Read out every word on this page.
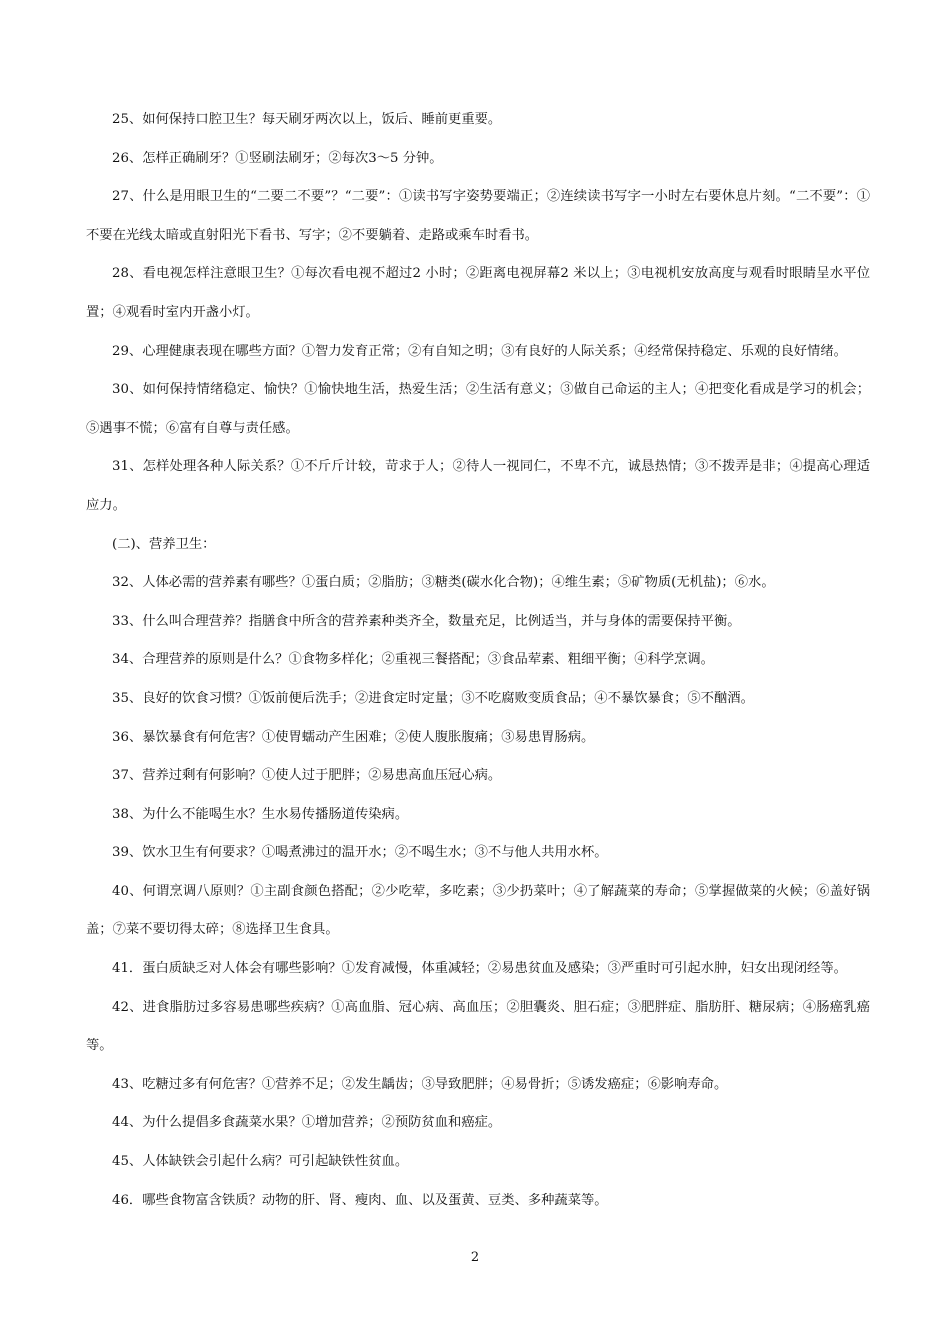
25、如何保持口腔卫生？每天刷牙两次以上，饭后、睡前更重要。

26、怎样正确刷牙？①竖刷法刷牙；②每次3～5 分钟。

27、什么是用眼卫生的“二要二不要”？“二要”：①读书写字姿势要端正；②连续读书写字一小时左右要休息片刻。“二不要”：①不要在光线太暗或直射阳光下看书、写字；②不要躺着、走路或乘车时看书。

28、看电视怎样注意眼卫生？①每次看电视不超过2 小时；②距离电视屏幕2 米以上；③电视机安放高度与观看时眼睛呈水平位置；④观看时室内开盏小灯。

29、心理健康表现在哪些方面？①智力发育正常；②有自知之明；③有良好的人际关系；④经常保持稳定、乐观的良好情绪。

30、如何保持情绪稳定、愉快？①愉快地生活，热爱生活；②生活有意义；③做自己命运的主人；④把变化看成是学习的机会；⑤遇事不慌；⑥富有自尊与责任感。

31、怎样处理各种人际关系？①不斤斤计较，苛求于人；②待人一视同仁，不卑不亢，诚恳热情；③不拨弄是非；④提高心理适应力。

(二)、营养卫生：

32、人体必需的营养素有哪些？①蛋白质；②脂肪；③糖类(碳水化合物)；④维生素；⑤矿物质(无机盐)；⑥水。

33、什么叫合理营养？指膳食中所含的营养素种类齐全，数量充足，比例适当，并与身体的需要保持平衡。

34、合理营养的原则是什么？①食物多样化；②重视三餐搭配；③食品荤素、粗细平衡；④科学烹调。

35、良好的饮食习惯？①饭前便后洗手；②进食定时定量；③不吃腐败变质食品；④不暴饮暴食；⑤不酗酒。

36、暴饮暴食有何危害？①使胃蠕动产生困难；②使人腹胀腹痛；③易患胃肠病。

37、营养过剩有何影响？①使人过于肥胖；②易患高血压冠心病。

38、为什么不能喝生水？生水易传播肠道传染病。

39、饮水卫生有何要求？①喝煮沸过的温开水；②不喝生水；③不与他人共用水杯。

40、何谓烹调八原则？①主副食颜色搭配；②少吃荤，多吃素；③少扔菜叶；④了解蔬菜的寿命；⑤掌握做菜的火候；⑥盖好锅盖；⑦菜不要切得太碎；⑧选择卫生食具。

41．蛋白质缺乏对人体会有哪些影响？①发育减慢，体重减轻；②易患贫血及感染；③严重时可引起水肿，妇女出现闭经等。

42、进食脂肪过多容易患哪些疾病？①高血脂、冠心病、高血压；②胆囊炎、胆石症；③肥胖症、脂肪肝、糖尿病；④肠癌乳癌等。

43、吃糖过多有何危害？①营养不足；②发生龋齿；③导致肥胖；④易骨折；⑤诱发癌症；⑥影响寿命。

44、为什么提倡多食蔬菜水果？①增加营养；②预防贫血和癌症。

45、人体缺铁会引起什么病？可引起缺铁性贫血。

46．哪些食物富含铁质？动物的肝、肾、瘦肉、血、以及蛋黄、豆类、多种蔬菜等。

2
